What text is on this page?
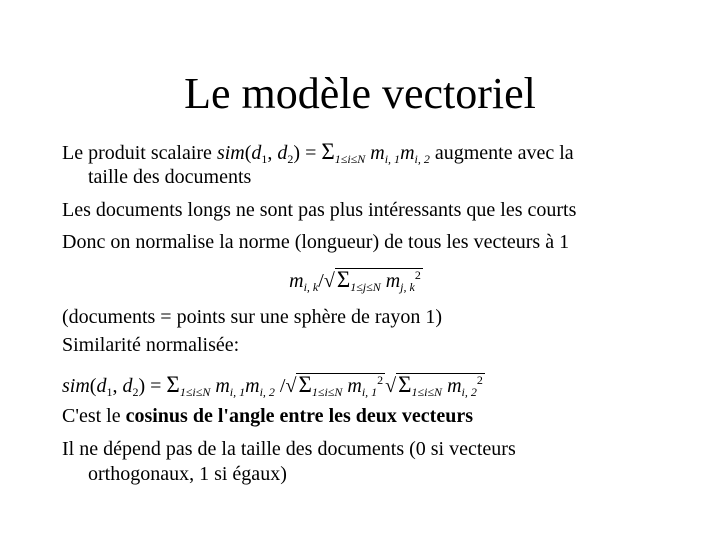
Le modèle vectoriel
Le produit scalaire $sim(d_1$, $d_2) = \Sigma_{1\le i\le N}$ $m_{i, 1}m_{i, 2}$ augmente avec la
taille des documents
Les documents longs ne sont pas plus intéressants que les courts
Donc on normalise la norme (longueur) de tous les vecteurs à 1
$m_{i, k}/√\Sigma_{1\le j\le N}$ $m_{j, k}^2$
(documents = points sur une sphère de rayon 1)
Similarité normalisée:
$sim(d_1$, $d_2) = \Sigma_{1\le i\le N}$ $m_{i, 1}m_{i, 2}$ $/√\Sigma_{1\le i\le N}$ $m_{i, 1}^2$ $√\Sigma_{1\le i\le N}$ $m_{i, 2}^2$
C'est le cosinus de l'angle entre les deux vecteurs
Il ne dépend pas de la taille des documents (0 si vecteurs
orthogonaux, 1 si égaux)
